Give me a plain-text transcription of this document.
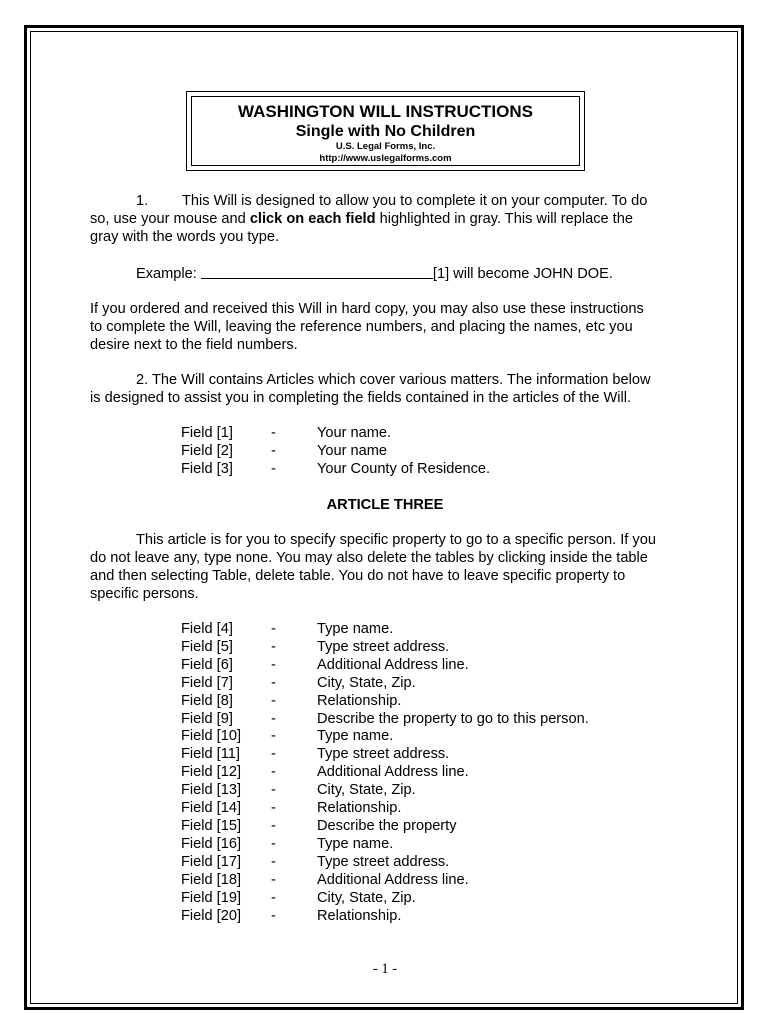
WASHINGTON WILL INSTRUCTIONS
Single with No Children
U.S. Legal Forms, Inc.
http://www.uslegalforms.com
1. This Will is designed to allow you to complete it on your computer. To do
so, use your mouse and click on each field highlighted in gray. This will replace the
gray with the words you type.
Example:	[1] will become JOHN DOE.
If you ordered and received this Will in hard copy, you may also use these instructions
to complete the Will, leaving the reference numbers, and placing the names, etc you
desire next to the field numbers.
2. The Will contains Articles which cover various matters. The information below
is designed to assist you in completing the fields contained in the articles of the Will.
Field [1]	-	Your name.
Field [2]	-	Your name
Field [3]	-	Your County of Residence.
ARTICLE THREE
This article is for you to specify specific property to go to a specific person. If you
do not leave any, type none. You may also delete the tables by clicking inside the table
and then selecting Table, delete table. You do not have to leave specific property to
specific persons.
Field [4]	-	Type name.
Field [5]	-	Type street address.
Field [6]	-	Additional Address line.
Field [7]	-	City, State, Zip.
Field [8]	-	Relationship.
Field [9]	-	Describe the property to go to this person.
Field [10]	-	Type name.
Field [11]	-	Type street address.
Field [12]	-	Additional Address line.
Field [13]	-	City, State, Zip.
Field [14]	-	Relationship.
Field [15]	-	Describe the property
Field [16]	-	Type name.
Field [17]	-	Type street address.
Field [18]	-	Additional Address line.
Field [19]	-	City, State, Zip.
Field [20]	-	Relationship.
- 1 -
